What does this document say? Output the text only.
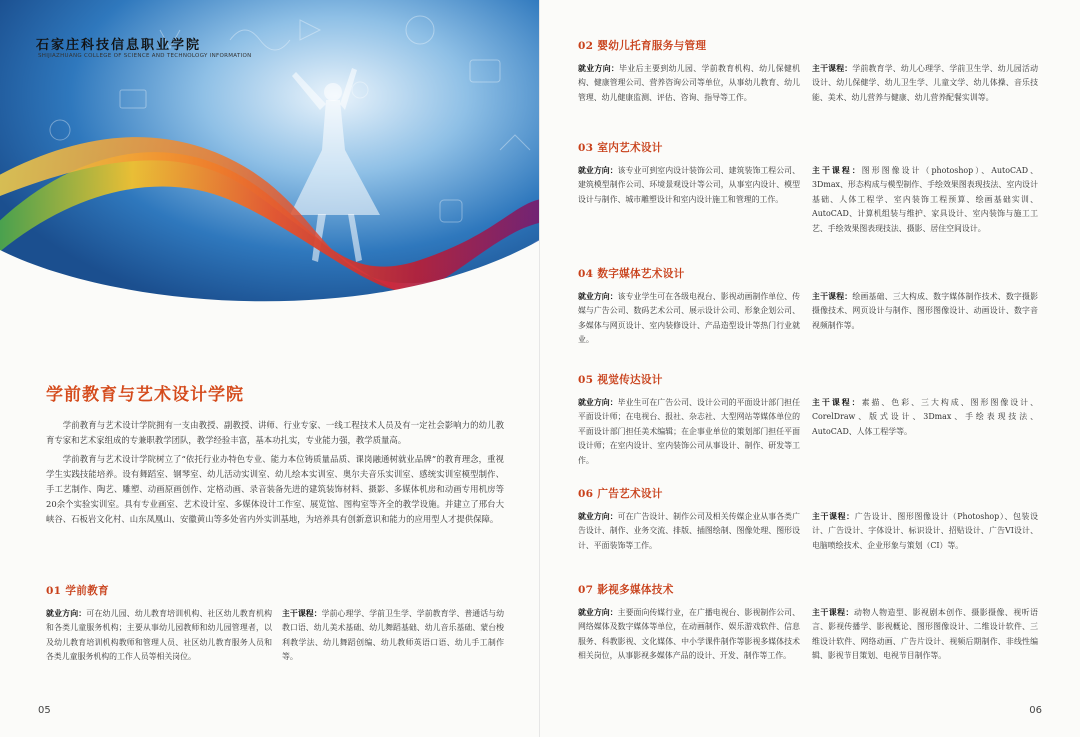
石家庄科技信息职业学院
SHIJIAZHUANG COLLEGE OF SCIENCE AND TECHNOLOGY INFORMATION
学前教育与艺术设计学院

学前教育与艺术设计学院拥有一支由教授、副教授、讲师、行业专家、一线工程技术人员及有一定社会影响力的幼儿教育专家和艺术家组成的专兼职教学团队，教学经验丰富，基本功扎实，专业能力强，教学质量高。

学前教育与艺术设计学院树立了“依托行业办特色专业、能力本位铸质量品质、课岗融通树就业品牌”的教育理念，重视学生实践技能培养。设有舞蹈室、钢琴室、幼儿活动实训室、幼儿绘本实训室、奥尔夫音乐实训室、感统实训室模型制作、手工艺制作、陶艺、雕塑、动画原画创作、定格动画、录音装备先进的建筑装饰材料、摄影、多媒体机房和动画专用机房等20余个实验实训室。具有专业画室、艺术设计室、多媒体设计工作室、展览馆、图构室等齐全的教学设施。并建立了邢台大峡谷、石板岩文化村、山东凤凰山、安徽黄山等多处省内外实训基地，为培养具有创新意识和能力的应用型人才提供保障。

01 学前教育
就业方向：可在幼儿园、幼儿教育培训机构、社区幼儿教育机构和各类儿童服务机构；主要从事幼儿园教师和幼儿园管理者，以及幼儿教育培训机构教师和管理人员、社区幼儿教育服务人员和各类儿童服务机构的工作人员等相关岗位。
主干课程：学前心理学、学前卫生学、学前教育学、普通话与幼教口语、幼儿美术基础、幼儿舞蹈基础、幼儿音乐基础、蒙台梭利教学法、幼儿舞蹈创编、幼儿教师英语口语、幼儿手工制作等。
05
02 婴幼儿托育服务与管理
就业方向：毕业后主要到幼儿园、学前教育机构、幼儿保健机构、健康管理公司、营养咨询公司等单位，从事幼儿教育、幼儿管理、幼儿健康监测、评估、咨询、指导等工作。
主干课程：学前教育学、幼儿心理学、学前卫生学、幼儿园活动设计、幼儿保健学、幼儿卫生学、儿童文学、幼儿体操、音乐技能、美术、幼儿营养与健康、幼儿营养配餐实训等。
03 室内艺术设计
就业方向：该专业可到室内设计装饰公司、建筑装饰工程公司、建筑模型制作公司、环境景观设计等公司，从事室内设计、模型设计与制作、城市雕塑设计和室内设计施工和管理的工作。
主干课程：图形图像设计（photoshop）、AutoCAD、3Dmax、形态构成与模型制作、手绘效果图表现技法、室内设计基础、人体工程学、室内装饰工程预算、绘画基础实训、AutoCAD、计算机组装与维护、家具设计、室内装饰与施工工艺、手绘效果图表现技法、摄影、居住空间设计。
04 数字媒体艺术设计
就业方向：该专业学生可在各级电视台、影视动画制作单位、传媒与广告公司、数码艺术公司、展示设计公司、形象企划公司、多媒体与网页设计、室内装修设计、产品造型设计等热门行业就业。
主干课程：绘画基础、三大构成、数字媒体制作技术、数字摄影摄像技术、网页设计与制作、图形图像设计、动画设计、数字音视频制作等。
05 视觉传达设计
就业方向：毕业生可在广告公司、设计公司的平面设计部门担任平面设计师；在电视台、报社、杂志社、大型网站等媒体单位的平面设计部门担任美术编辑；在企事业单位的策划部门担任平面设计师；在室内设计、室内装饰公司从事设计、制作、研发等工作。
主干课程：素描、色彩、三大构成、图形图像设计、CorelDraw、版式设计、3Dmax、手绘表现技法、AutoCAD、人体工程学等。
06 广告艺术设计
就业方向：可在广告设计、制作公司及相关传媒企业从事各类广告设计、制作、业务交流、排版、插图绘制、图像处理、图形设计、平面装饰等工作。
主干课程：广告设计、图形图像设计（Photoshop）、包装设计、广告设计、字体设计、标识设计、招贴设计、广告VI设计、电脑喷绘技术、企业形象与策划（CI）等。
07 影视多媒体技术
就业方向：主要面向传媒行业，在广播电视台、影视制作公司、网络媒体及数字媒体等单位，在动画制作、娱乐游戏软件、信息服务、科教影视、文化媒体、中小学课件制作等影视多媒体技术相关岗位，从事影视多媒体产品的设计、开发、制作等工作。
主干课程：动物人物造型、影视剧本创作、摄影摄像、视听语言、影视传播学、影视概论、图形图像设计、二维设计软件、三维设计软件、网络动画、广告片设计、视频后期制作、非线性编辑、影视节目策划、电视节目制作等。
06
